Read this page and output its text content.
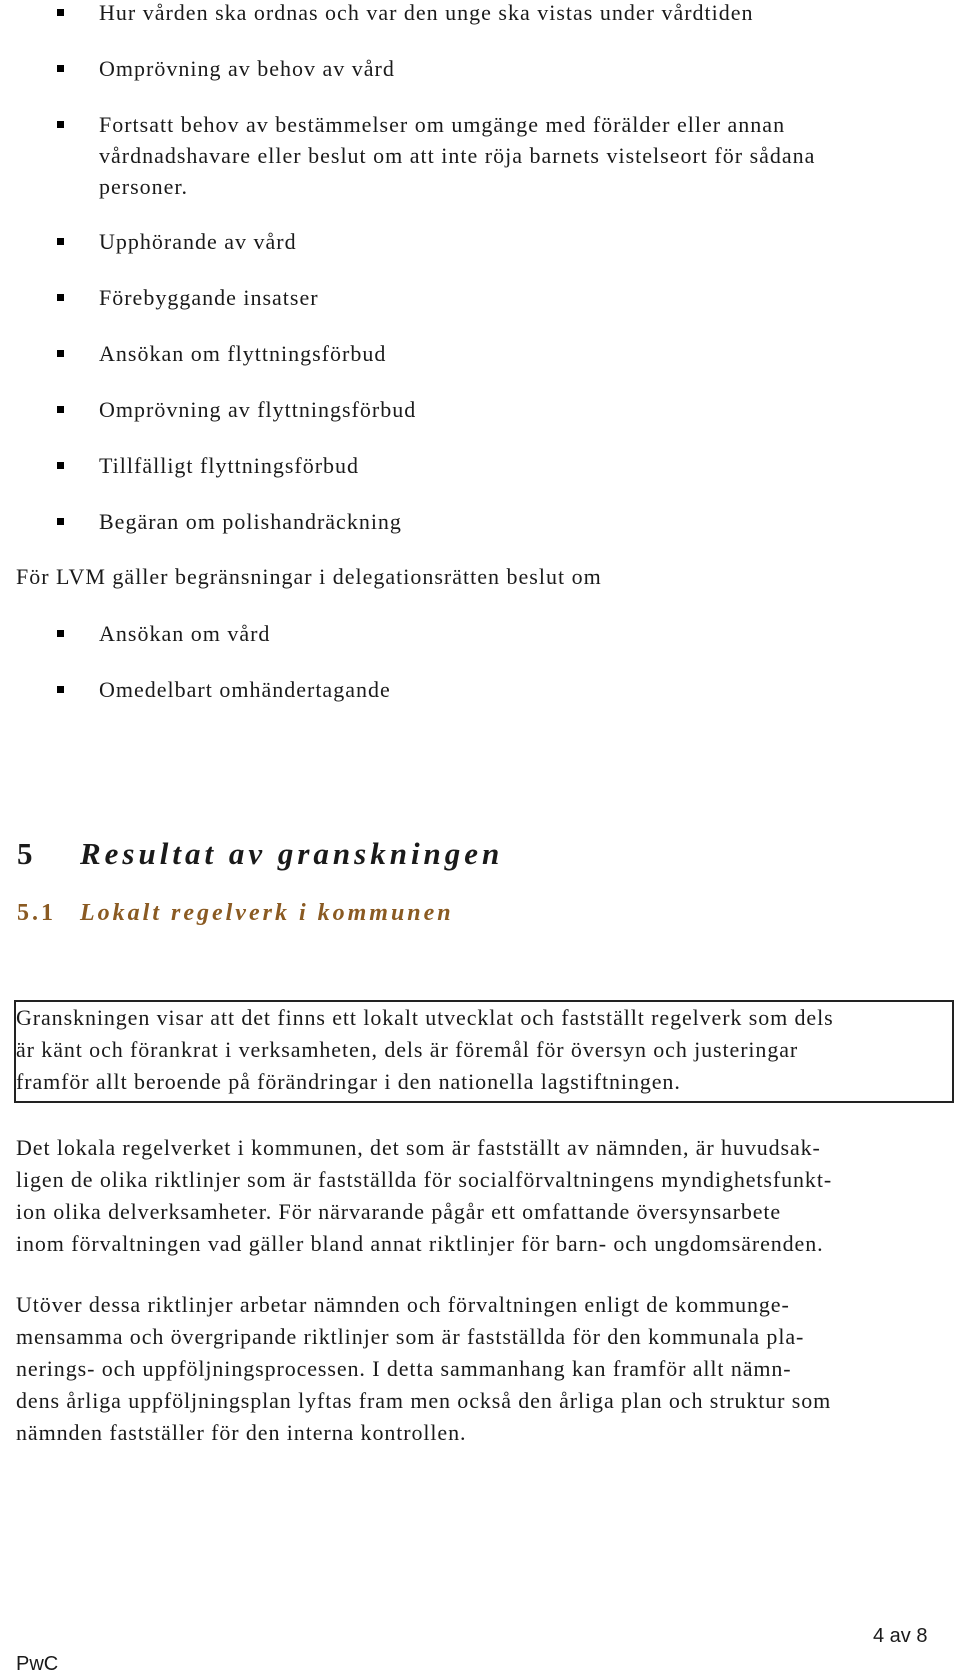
Hur vården ska ordnas och var den unge ska vistas under vårdtiden
Omprövning av behov av vård
Fortsatt behov av bestämmelser om umgänge med förälder eller annan
vårdnadshavare eller beslut om att inte röja barnets vistelseort för sådana
personer.
Upphörande av vård
Förebyggande insatser
Ansökan om flyttningsförbud
Omprövning av flyttningsförbud
Tillfälligt flyttningsförbud
Begäran om polishandräckning
För LVM gäller begränsningar i delegationsrätten beslut om
Ansökan om vård
Omedelbart omhändertagande
5 Resultat av granskningen
5.1 Lokalt regelverk i kommunen
Granskningen visar att det finns ett lokalt utvecklat och fastställt regelverk som dels
är känt och förankrat i verksamheten, dels är föremål för översyn och justeringar
framför allt beroende på förändringar i den nationella lagstiftningen.
Det lokala regelverket i kommunen, det som är fastställt av nämnden, är huvudsak-
ligen de olika riktlinjer som är fastställda för socialförvaltningens myndighetsfunkt-
ion olika delverksamheter. För närvarande pågår ett omfattande översynsarbete
inom förvaltningen vad gäller bland annat riktlinjer för barn- och ungdomsärenden.
Utöver dessa riktlinjer arbetar nämnden och förvaltningen enligt de kommunge-
mensamma och övergripande riktlinjer som är fastställda för den kommunala pla-
nerings- och uppföljningsprocessen. I detta sammanhang kan framför allt nämn-
dens årliga uppföljningsplan lyftas fram men också den årliga plan och struktur som
nämnden fastställer för den interna kontrollen.
4 av 8
PwC
